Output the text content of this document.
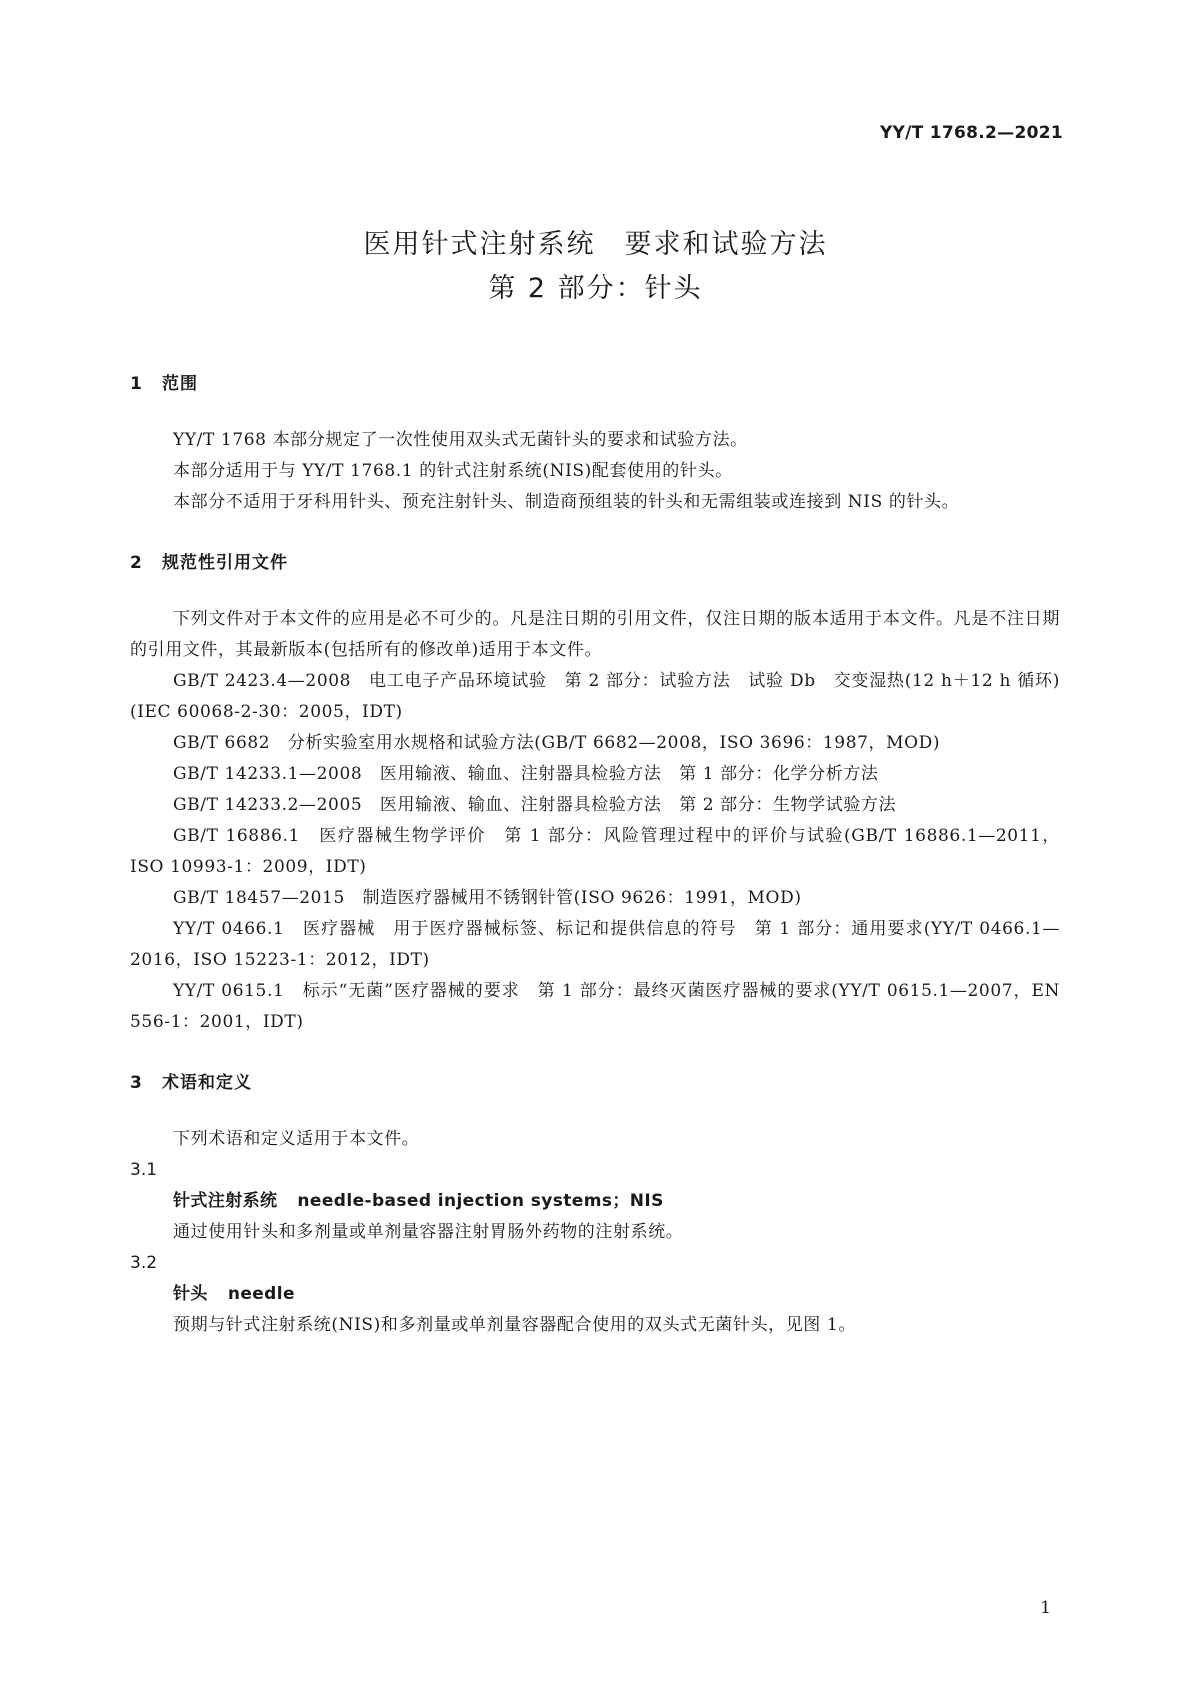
YY/T 1768.2—2021
医用针式注射系统　要求和试验方法
第 2 部分：针头
1	范围

YY/T 1768 本部分规定了一次性使用双头式无菌针头的要求和试验方法。

本部分适用于与 YY/T 1768.1 的针式注射系统(NIS)配套使用的针头。

本部分不适用于牙科用针头、预充注射针头、制造商预组装的针头和无需组装或连接到 NIS 的针头。

2	规范性引用文件

下列文件对于本文件的应用是必不可少的。凡是注日期的引用文件，仅注日期的版本适用于本文件。凡是不注日期的引用文件，其最新版本(包括所有的修改单)适用于本文件。

GB/T 2423.4—2008　电工电子产品环境试验　第 2 部分：试验方法　试验 Db　交变湿热(12 h＋12 h 循环)(IEC 60068-2-30：2005，IDT)

GB/T 6682　分析实验室用水规格和试验方法(GB/T 6682—2008，ISO 3696：1987，MOD)

GB/T 14233.1—2008　医用输液、输血、注射器具检验方法　第 1 部分：化学分析方法

GB/T 14233.2—2005　医用输液、输血、注射器具检验方法　第 2 部分：生物学试验方法

GB/T 16886.1　医疗器械生物学评价　第 1 部分：风险管理过程中的评价与试验(GB/T 16886.1—2011，ISO 10993-1：2009，IDT)

GB/T 18457—2015　制造医疗器械用不锈钢针管(ISO 9626：1991，MOD)

YY/T 0466.1　医疗器械　用于医疗器械标签、标记和提供信息的符号　第 1 部分：通用要求(YY/T 0466.1—2016，ISO 15223-1：2012，IDT)

YY/T 0615.1　标示“无菌”医疗器械的要求　第 1 部分：最终灭菌医疗器械的要求(YY/T 0615.1—2007，EN 556-1：2001，IDT)

3	术语和定义

下列术语和定义适用于本文件。

3.1

针式注射系统 needle-based injection systems；NIS

通过使用针头和多剂量或单剂量容器注射胃肠外药物的注射系统。

3.2

针头 needle

预期与针式注射系统(NIS)和多剂量或单剂量容器配合使用的双头式无菌针头，见图 1。

1
